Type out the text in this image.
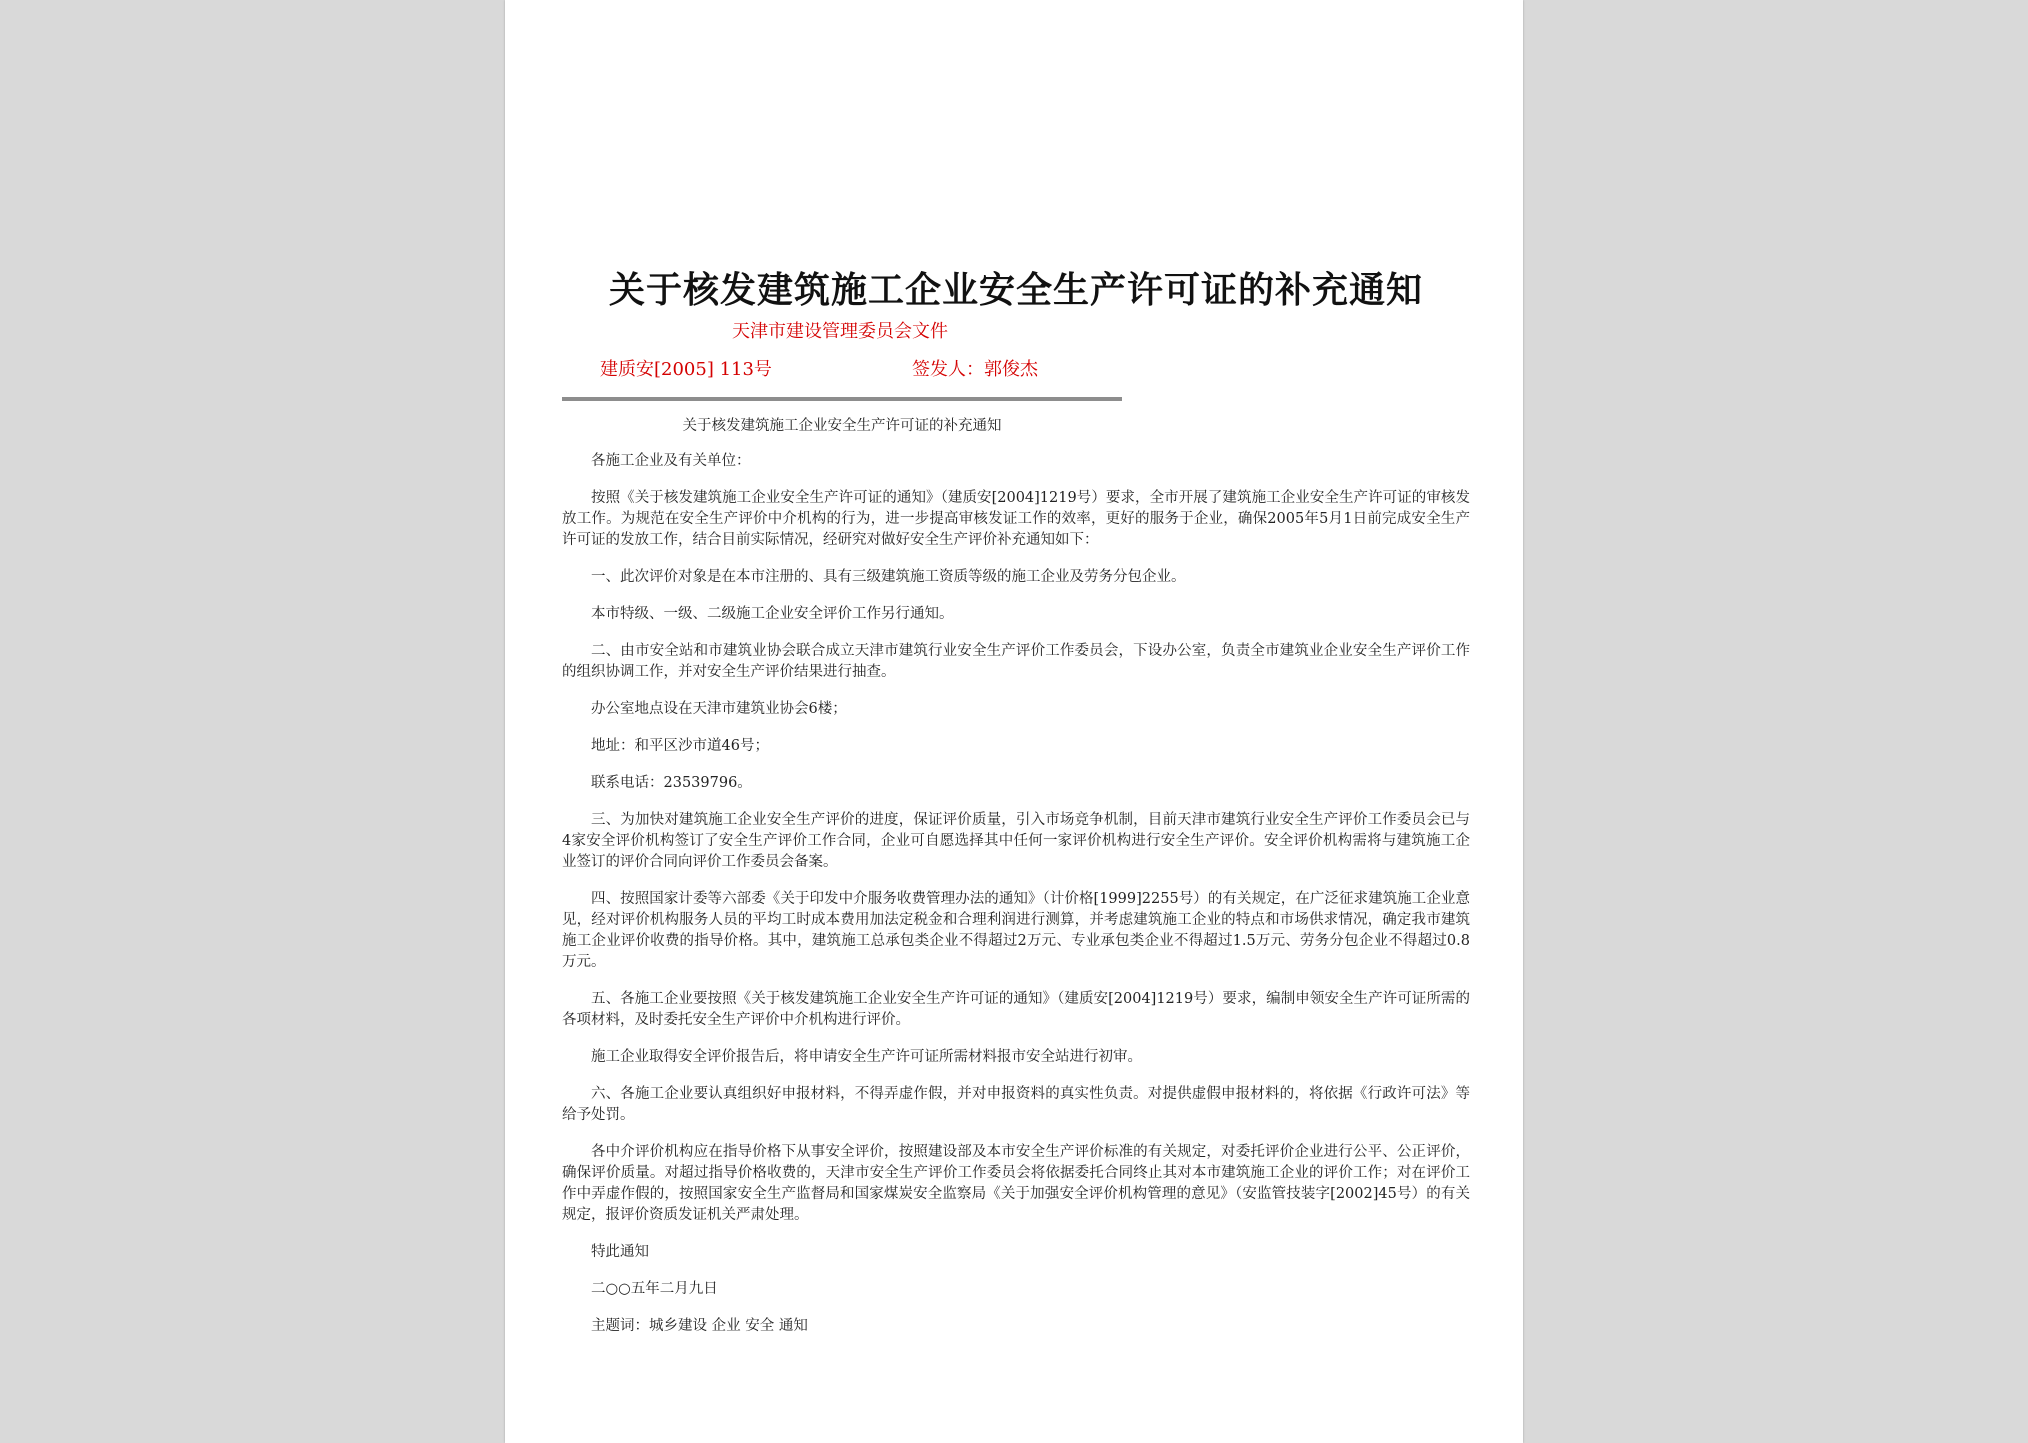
关于核发建筑施工企业安全生产许可证的补充通知
天津市建设管理委员会文件
建质安[2005] 113号	签发人：郭俊杰
关于核发建筑施工企业安全生产许可证的补充通知

各施工企业及有关单位：

按照《关于核发建筑施工企业安全生产许可证的通知》（建质安[2004]1219号）要求，全市开展了建筑施工企业安全生产许可证的审核发放工作。为规范在安全生产评价中介机构的行为，进一步提高审核发证工作的效率，更好的服务于企业，确保2005年5月1日前完成安全生产许可证的发放工作，结合目前实际情况，经研究对做好安全生产评价补充通知如下：

一、此次评价对象是在本市注册的、具有三级建筑施工资质等级的施工企业及劳务分包企业。

本市特级、一级、二级施工企业安全评价工作另行通知。

二、由市安全站和市建筑业协会联合成立天津市建筑行业安全生产评价工作委员会，下设办公室，负责全市建筑业企业安全生产评价工作的组织协调工作，并对安全生产评价结果进行抽查。

办公室地点设在天津市建筑业协会6楼；

地址：和平区沙市道46号；

联系电话：23539796。

三、为加快对建筑施工企业安全生产评价的进度，保证评价质量，引入市场竞争机制，目前天津市建筑行业安全生产评价工作委员会已与4家安全评价机构签订了安全生产评价工作合同，企业可自愿选择其中任何一家评价机构进行安全生产评价。安全评价机构需将与建筑施工企业签订的评价合同向评价工作委员会备案。

四、按照国家计委等六部委《关于印发中介服务收费管理办法的通知》（计价格[1999]2255号）的有关规定，在广泛征求建筑施工企业意见，经对评价机构服务人员的平均工时成本费用加法定税金和合理利润进行测算，并考虑建筑施工企业的特点和市场供求情况，确定我市建筑施工企业评价收费的指导价格。其中，建筑施工总承包类企业不得超过2万元、专业承包类企业不得超过1.5万元、劳务分包企业不得超过0.8万元。

五、各施工企业要按照《关于核发建筑施工企业安全生产许可证的通知》（建质安[2004]1219号）要求，编制申领安全生产许可证所需的各项材料，及时委托安全生产评价中介机构进行评价。

施工企业取得安全评价报告后，将申请安全生产许可证所需材料报市安全站进行初审。

六、各施工企业要认真组织好申报材料，不得弄虚作假，并对申报资料的真实性负责。对提供虚假申报材料的，将依据《行政许可法》等给予处罚。

各中介评价机构应在指导价格下从事安全评价，按照建设部及本市安全生产评价标准的有关规定，对委托评价企业进行公平、公正评价，确保评价质量。对超过指导价格收费的，天津市安全生产评价工作委员会将依据委托合同终止其对本市建筑施工企业的评价工作；对在评价工作中弄虚作假的，按照国家安全生产监督局和国家煤炭安全监察局《关于加强安全评价机构管理的意见》（安监管技装字[2002]45号）的有关规定，报评价资质发证机关严肃处理。

特此通知

二○○五年二月九日

主题词：城乡建设 企业 安全 通知
